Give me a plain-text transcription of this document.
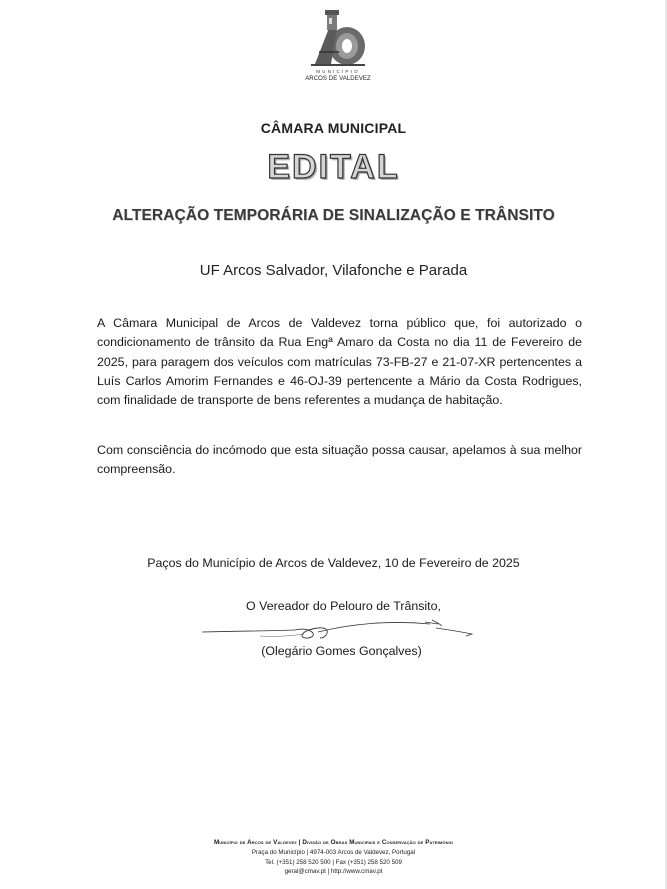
MUNICÍPIO
ARCOS DE VALDEVEZ
CÂMARA MUNICIPAL
EDITAL
ALTERAÇÃO TEMPORÁRIA DE SINALIZAÇÃO E TRÂNSITO
UF Arcos Salvador, Vilafonche e Parada
A Câmara Municipal de Arcos de Valdevez torna público que, foi autorizado o condicionamento de trânsito da Rua Engª Amaro da Costa no dia 11 de Fevereiro de 2025, para paragem dos veículos com matrículas 73-FB-27 e 21-07-XR pertencentes a Luís Carlos Amorim Fernandes e 46-OJ-39 pertencente a Mário da Costa Rodrigues, com finalidade de transporte de bens referentes a mudança de habitação.
Com consciência do incómodo que esta situação possa causar, apelamos à sua melhor compreensão.
Paços do Município de Arcos de Valdevez, 10 de Fevereiro de 2025
O Vereador do Pelouro de Trânsito,
(Olegário Gomes Gonçalves)
Município de Arcos de Valdevez | Divisão de Obras Municipais e Conservação de Património
Praça do Município | 4974-003 Arcos de Valdevez, Portugal
Tel. (+351) 258 520 500 | Fax (+351) 258 520 509
geral@cmav.pt | http://www.cmav.pt
